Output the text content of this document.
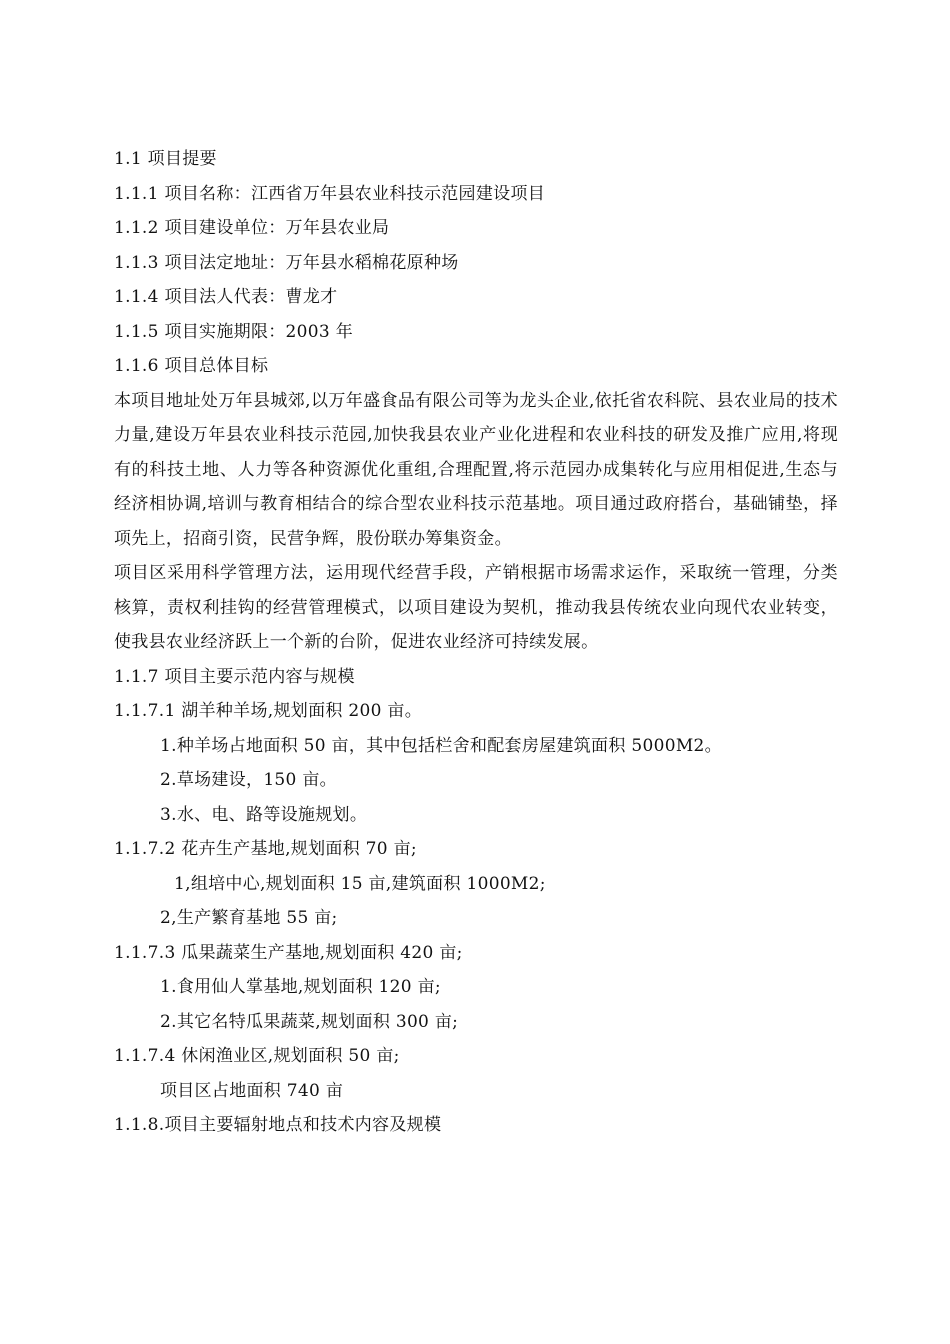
1.1 项目提要
1.1.1 项目名称：江西省万年县农业科技示范园建设项目
1.1.2 项目建设单位：万年县农业局
1.1.3 项目法定地址：万年县水稻棉花原种场
1.1.4 项目法人代表：曹龙才
1.1.5 项目实施期限：2003 年
1.1.6 项目总体目标
本项目地址处万年县城郊,以万年盛食品有限公司等为龙头企业,依托省农科院、县农业局的技术力量,建设万年县农业科技示范园,加快我县农业产业化进程和农业科技的研发及推广应用,将现有的科技土地、人力等各种资源优化重组,合理配置,将示范园办成集转化与应用相促进,生态与经济相协调,培训与教育相结合的综合型农业科技示范基地。项目通过政府搭台，基础铺垫，择项先上，招商引资，民营争辉，股份联办筹集资金。
项目区采用科学管理方法，运用现代经营手段，产销根据市场需求运作，采取统一管理，分类核算，责权利挂钩的经营管理模式，以项目建设为契机，推动我县传统农业向现代农业转变，使我县农业经济跃上一个新的台阶，促进农业经济可持续发展。
1.1.7 项目主要示范内容与规模
1.1.7.1 湖羊种羊场,规划面积 200 亩。
1.种羊场占地面积 50 亩，其中包括栏舍和配套房屋建筑面积 5000M2。
2.草场建设，150 亩。
3.水、电、路等设施规划。
1.1.7.2 花卉生产基地,规划面积 70 亩;
1,组培中心,规划面积 15 亩,建筑面积 1000M2;
2,生产繁育基地 55 亩;
1.1.7.3 瓜果蔬菜生产基地,规划面积 420 亩;
1.食用仙人掌基地,规划面积 120 亩;
2.其它名特瓜果蔬菜,规划面积 300 亩;
1.1.7.4 休闲渔业区,规划面积 50 亩;
项目区占地面积 740 亩
1.1.8.项目主要辐射地点和技术内容及规模
